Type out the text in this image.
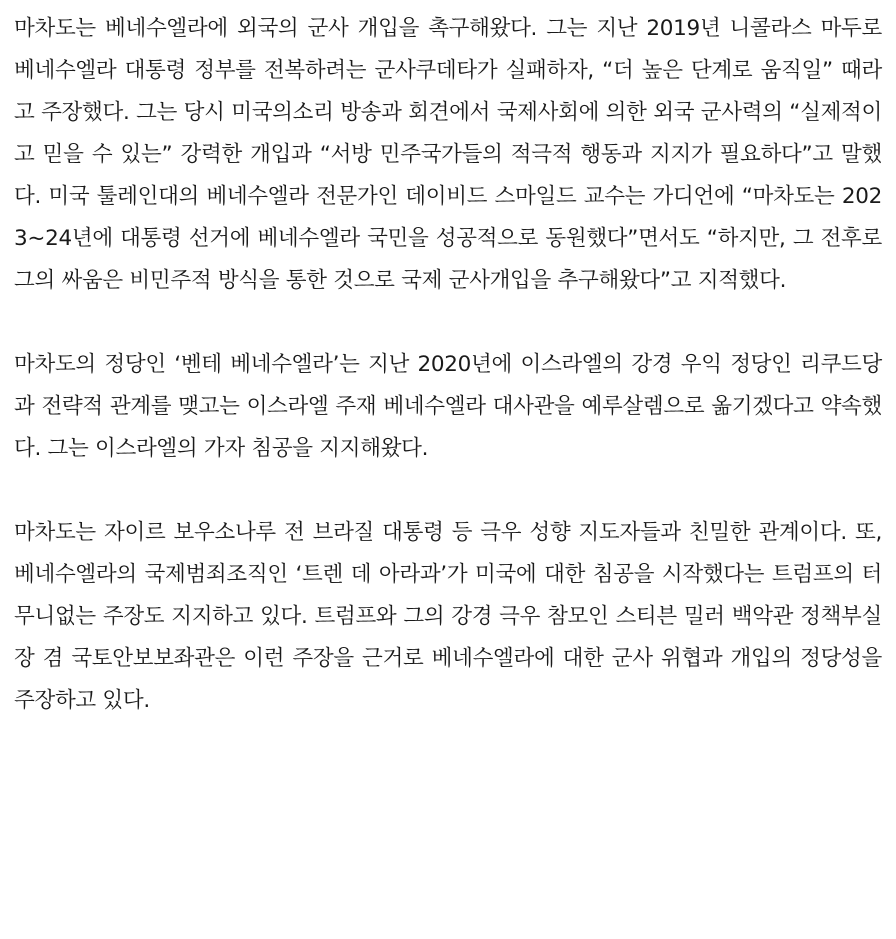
마차도는 베네수엘라에 외국의 군사 개입을 촉구해왔다. 그는 지난 2019년 니콜라스 마두로 베네수엘라 대통령 정부를 전복하려는 군사쿠데타가 실패하자, “더 높은 단계로 움직일” 때라고 주장했다. 그는 당시 미국의소리 방송과 회견에서 국제사회에 의한 외국 군사력의 “실제적이고 믿을 수 있는” 강력한 개입과 “서방 민주국가들의 적극적 행동과 지지가 필요하다”고 말했다. 미국 툴레인대의 베네수엘라 전문가인 데이비드 스마일드 교수는 가디언에 “마차도는 2023~24년에 대통령 선거에 베네수엘라 국민을 성공적으로 동원했다”면서도 “하지만, 그 전후로 그의 싸움은 비민주적 방식을 통한 것으로 국제 군사개입을 추구해왔다”고 지적했다.

마차도의 정당인 ‘벤테 베네수엘라’는 지난 2020년에 이스라엘의 강경 우익 정당인 리쿠드당과 전략적 관계를 맺고는 이스라엘 주재 베네수엘라 대사관을 예루살렘으로 옮기겠다고 약속했다. 그는 이스라엘의 가자 침공을 지지해왔다.

마차도는 자이르 보우소나루 전 브라질 대통령 등 극우 성향 지도자들과 친밀한 관계이다. 또, 베네수엘라의 국제범죄조직인 ‘트렌 데 아라과’가 미국에 대한 침공을 시작했다는 트럼프의 터무니없는 주장도 지지하고 있다. 트럼프와 그의 강경 극우 참모인 스티븐 밀러 백악관 정책부실장 겸 국토안보보좌관은 이런 주장을 근거로 베네수엘라에 대한 군사 위협과 개입의 정당성을 주장하고 있다.
